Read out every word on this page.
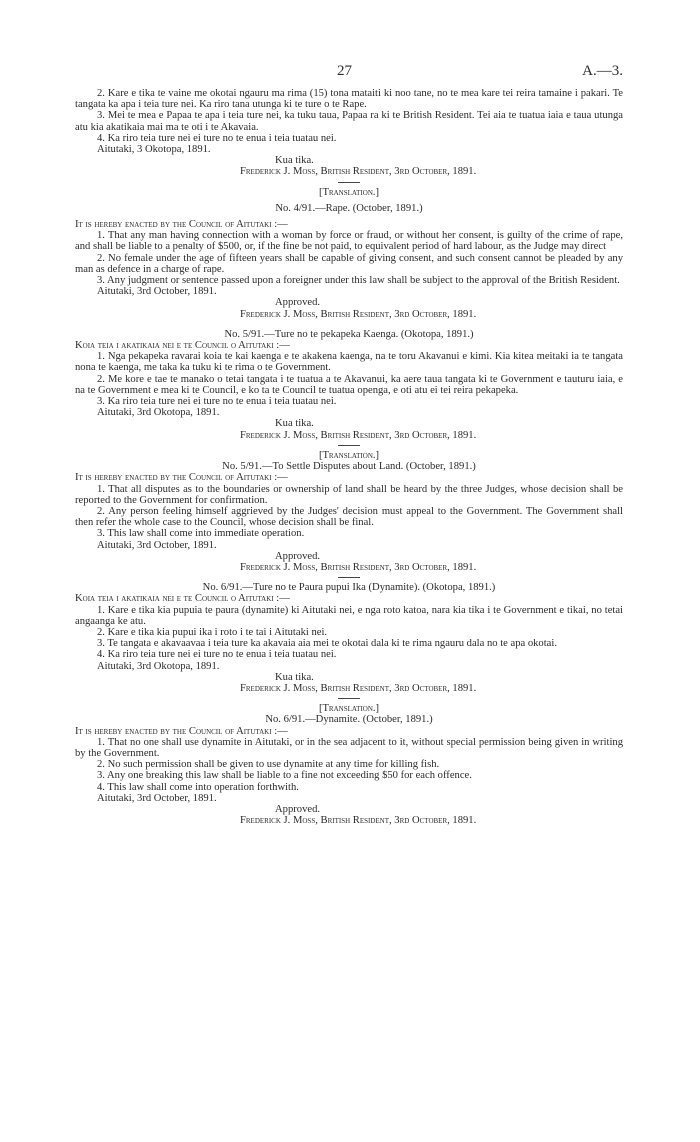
27	A.—3.

2. Kare e tika te vaine me okotai ngauru ma rima (15) tona mataiti ki noo tane, no te mea kare tei reira tamaine i pakari. Te tangata ka apa i teia ture nei. Ka riro tana utunga ki te ture o te Rape.

3. Mei te mea e Papaa te apa i teia ture nei, ka tuku taua, Papaa ra ki te British Resident. Tei aia te tuatua iaia e taua utunga atu kia akatikaia mai ma te oti i te Akavaia.

4. Ka riro teia ture nei ei ture no te enua i teia tuatau nei.

Aitutaki, 3 Okotopa, 1891.

Kua tika.

Frederick J. Moss, British Resident, 3rd October, 1891.

[Translation.]

No. 4/91.—Rape. (October, 1891.)

It is hereby enacted by the Council of Aitutaki :—

1. That any man having connection with a woman by force or fraud, or without her consent, is guilty of the crime of rape, and shall be liable to a penalty of $500, or, if the fine be not paid, to equivalent period of hard labour, as the Judge may direct

2. No female under the age of fifteen years shall be capable of giving consent, and such consent cannot be pleaded by any man as defence in a charge of rape.

3. Any judgment or sentence passed upon a foreigner under this law shall be subject to the approval of the British Resident.

Aitutaki, 3rd October, 1891.

Approved.

Frederick J. Moss, British Resident, 3rd October, 1891.

No. 5/91.—Ture no te pekapeka Kaenga. (Okotopa, 1891.)

Koia teia i akatikaia nei e te Council o Aitutaki :—

1. Nga pekapeka ravarai koia te kai kaenga e te akakena kaenga, na te toru Akavanui e kimi. Kia kitea meitaki ia te tangata nona te kaenga, me taka ka tuku ki te rima o te Government.

2. Me kore e tae te manako o tetai tangata i te tuatua a te Akavanui, ka aere taua tangata ki te Government e tauturu iaia, e na te Government e mea ki te Council, e ko ta te Council te tuatua openga, e oti atu ei tei reira pekapeka.

3. Ka riro teia ture nei ei ture no te enua i teia tuatau nei.

Aitutaki, 3rd Okotopa, 1891.

Kua tika.

Frederick J. Moss, British Resident, 3rd October, 1891.

[Translation.]

No. 5/91.—To Settle Disputes about Land. (October, 1891.)

It is hereby enacted by the Council of Aitutaki :—

1. That all disputes as to the boundaries or ownership of land shall be heard by the three Judges, whose decision shall be reported to the Government for confirmation.

2. Any person feeling himself aggrieved by the Judges' decision must appeal to the Government. The Government shall then refer the whole case to the Council, whose decision shall be final.

3. This law shall come into immediate operation.

Aitutaki, 3rd October, 1891.

Approved.

Frederick J. Moss, British Resident, 3rd October, 1891.

No. 6/91.—Ture no te Paura pupui Ika (Dynamite). (Okotopa, 1891.)

Koia teia i akatikaia nei e te Council o Aitutaki :—

1. Kare e tika kia pupuia te paura (dynamite) ki Aitutaki nei, e nga roto katoa, nara kia tika i te Government e tikai, no tetai angaanga ke atu.

2. Kare e tika kia pupui ika i roto i te tai i Aitutaki nei.

3. Te tangata e akavaavaa i teia ture ka akavaia aia mei te okotai dala ki te rima ngauru dala no te apa okotai.

4. Ka riro teia ture nei ei ture no te enua i teia tuatau nei.

Aitutaki, 3rd Okotopa, 1891.

Kua tika.

Frederick J. Moss, British Resident, 3rd October, 1891.

[Translation.]

No. 6/91.—Dynamite. (October, 1891.)

It is hereby enacted by the Council of Aitutaki :—

1. That no one shall use dynamite in Aitutaki, or in the sea adjacent to it, without special permission being given in writing by the Government.

2. No such permission shall be given to use dynamite at any time for killing fish.

3. Any one breaking this law shall be liable to a fine not exceeding $50 for each offence.

4. This law shall come into operation forthwith.

Aitutaki, 3rd October, 1891.

Approved.

Frederick J. Moss, British Resident, 3rd October, 1891.
